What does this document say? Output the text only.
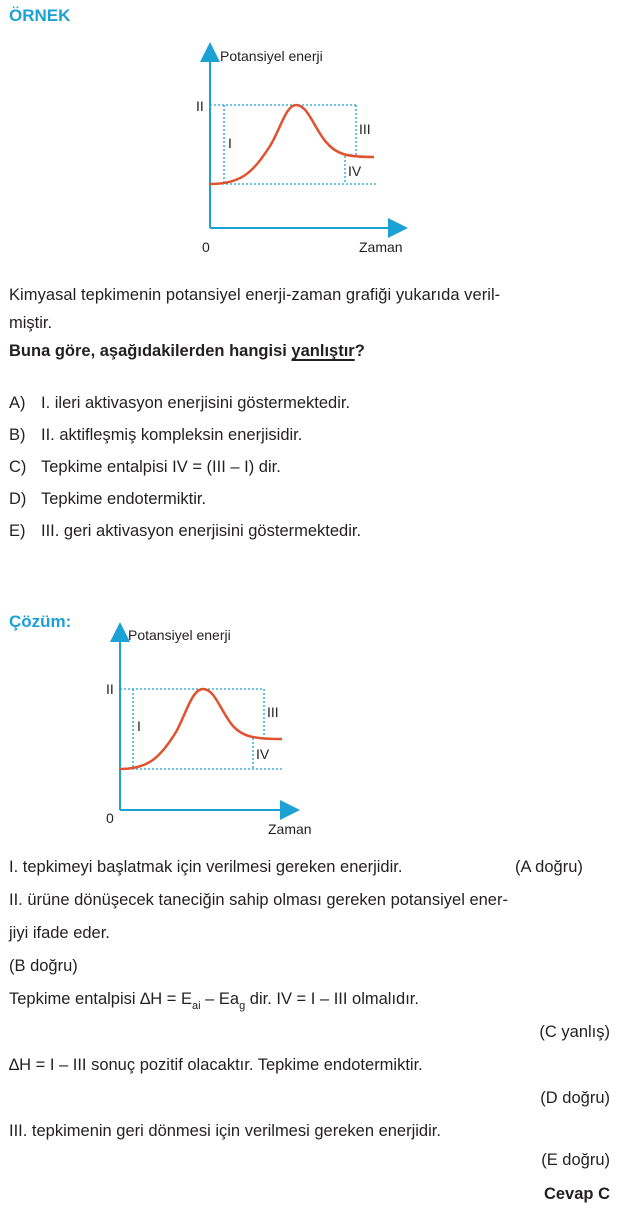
ÖRNEK
Potansiyel enerji
Zaman
0
II
I
III
IV
Kimyasal tepkimenin potansiyel enerji-zaman grafiği yukarıda veril-
miştir.
Buna göre, aşağıdakilerden hangisi yanlıştır?
A) I. ileri aktivasyon enerjisini göstermektedir.
B) II. aktifleşmiş kompleksin enerjisidir.
C) Tepkime entalpisi IV = (III – I) dir.
D) Tepkime endotermiktir.
E) III. geri aktivasyon enerjisini göstermektedir.
Çözüm:
Potansiyel enerji
Zaman
0
II
I
III
IV
I. tepkimeyi başlatmak için verilmesi gereken enerjidir.	(A doğru)
II. ürüne dönüşecek taneciğin sahip olması gereken potansiyel ener-
jiyi ifade eder.
(B doğru)
Tepkime entalpisi $\Delta H = E_{ai} - Ea_g$ dir. IV = I – III olmalıdır.
(C yanlış)
∆H = I – III sonuç pozitif olacaktır. Tepkime endotermiktir.
(D doğru)
III. tepkimenin geri dönmesi için verilmesi gereken enerjidir.
(E doğru)
Cevap C
